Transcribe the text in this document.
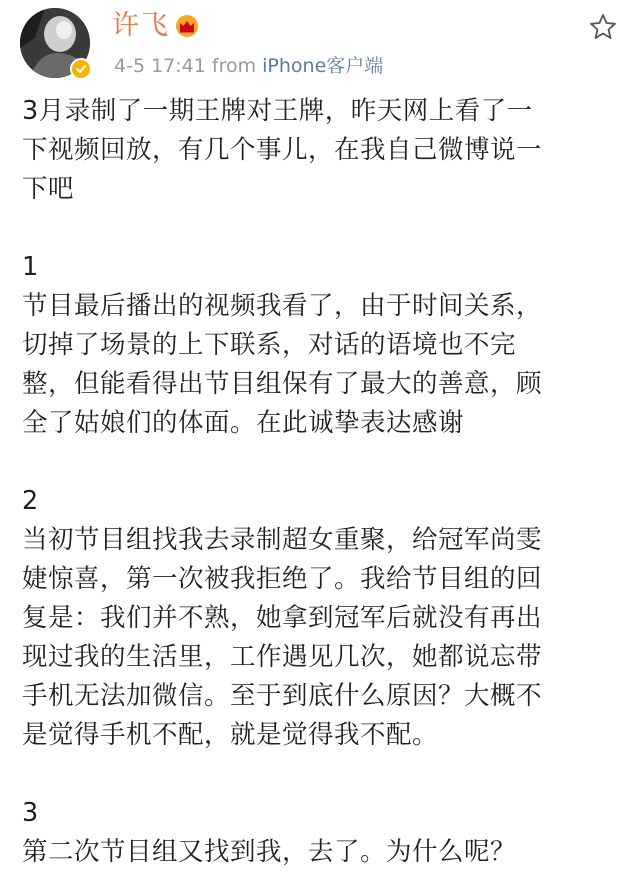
许飞
4-5 17:41 from iPhone客户端

3月录制了一期王牌对王牌，昨天网上看了一

下视频回放，有几个事儿，在我自己微博说一

下吧

1

节目最后播出的视频我看了，由于时间关系，

切掉了场景的上下联系，对话的语境也不完

整，但能看得出节目组保有了最大的善意，顾

全了姑娘们的体面。在此诚挚表达感谢

2

当初节目组找我去录制超女重聚，给冠军尚雯

婕惊喜，第一次被我拒绝了。我给节目组的回

复是：我们并不熟，她拿到冠军后就没有再出

现过我的生活里，工作遇见几次，她都说忘带

手机无法加微信。至于到底什么原因？大概不

是觉得手机不配，就是觉得我不配。

3

第二次节目组又找到我，去了。为什么呢？
